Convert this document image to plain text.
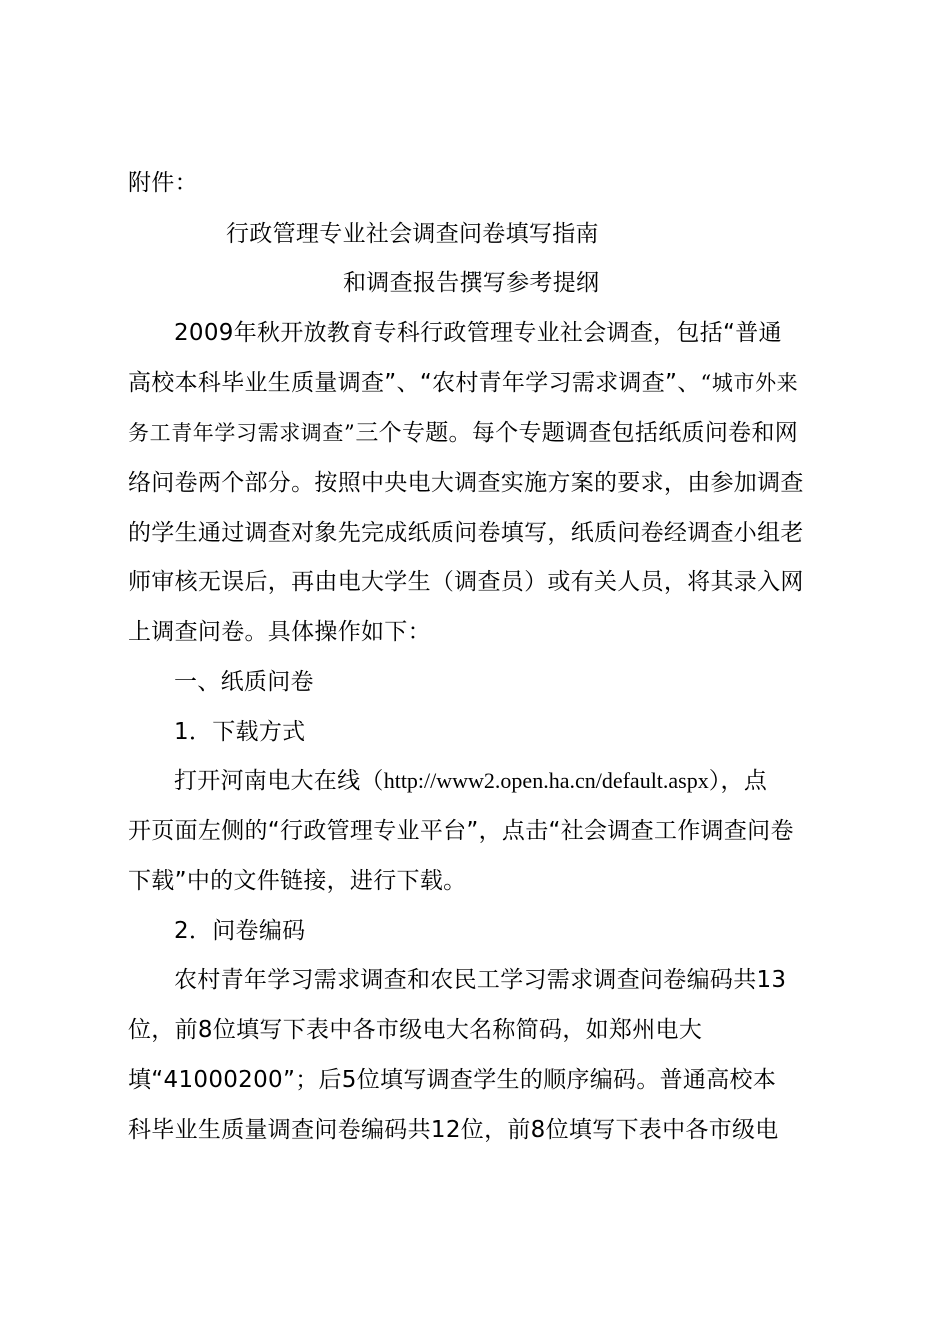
附件：
行政管理专业社会调查问卷填写指南
和调查报告撰写参考提纲
2009年秋开放教育专科行政管理专业社会调查，包括“普通
高校本科毕业生质量调查”、“农村青年学习需求调查”、“城市外来
务工青年学习需求调查”三个专题。每个专题调查包括纸质问卷和网
络问卷两个部分。按照中央电大调查实施方案的要求，由参加调查
的学生通过调查对象先完成纸质问卷填写，纸质问卷经调查小组老
师审核无误后，再由电大学生（调查员）或有关人员，将其录入网
上调查问卷。具体操作如下：
一、纸质问卷
1．下载方式
打开河南电大在线（http://www2.open.ha.cn/default.aspx），点
开页面左侧的“行政管理专业平台”，点击“社会调查工作调查问卷
下载”中的文件链接，进行下载。
2．问卷编码
农村青年学习需求调查和农民工学习需求调查问卷编码共13
位，前8位填写下表中各市级电大名称简码，如郑州电大
填“41000200”；后5位填写调查学生的顺序编码。普通高校本
科毕业生质量调查问卷编码共12位，前8位填写下表中各市级电
